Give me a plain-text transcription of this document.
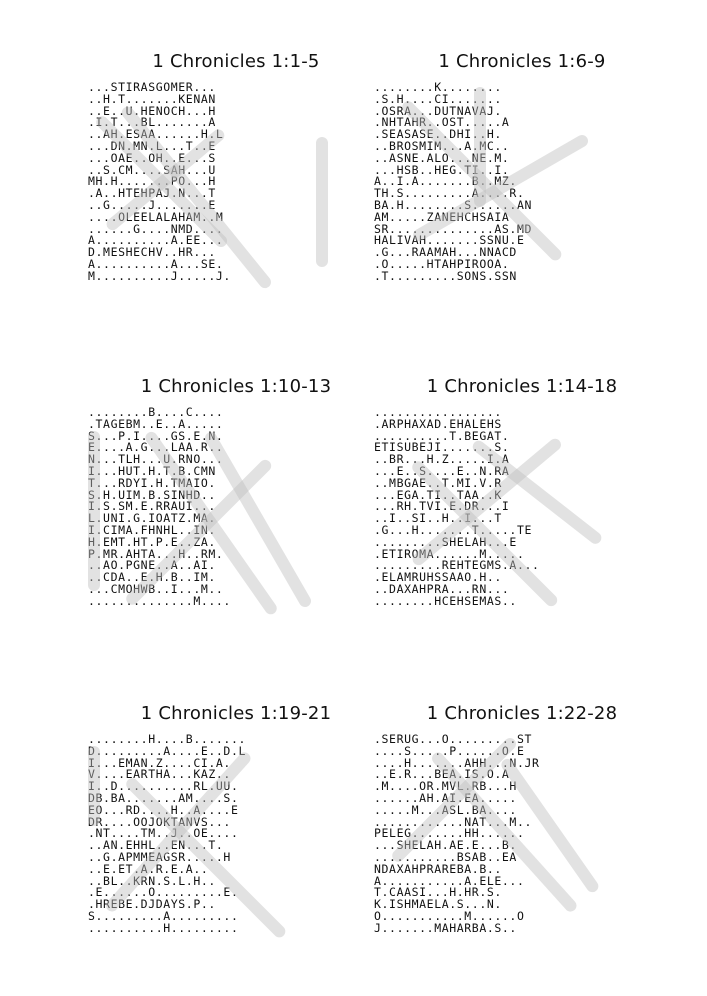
1 Chronicles 1:1-5
...STIRASGOMER...
..H.T.......KENAN
..E..U.HENOCH...H
.I.T...BL.......A
..AH.ESAA......H.L
...DN.MN.L...T..E
...OAE..OH..E...S
..S.CM....SAH...U
MH.H.......PO...H
.A..HTEHPAJ.N...T
..G.....J.......E
....OLEELALAHAM..M
......G....NMD....
A..........A.EE...
D.MESHECHV..HR...
A..........A...SE.
M..........J.....J.
1 Chronicles 1:6-9
........K........
.S.H....CI.......
.OSRA...DUTNAVAJ.
.NHTAHR..OST.....A
.SEASASE..DHI..H.
..BROSMIM...A.MC..
..ASNE.ALO...NE.M.
...HSB..HEG.TI..I.
A..I.A.......B..MZ.
TH.S.........A....R.
BA.H........S......AN
AM.....ZANEHCHSAIA
SR..............AS.MD
HALIVAH.......SSNU.E
.G...RAAMAH...NNACD
.O.....HTAHPIROOA.
.T.........SONS.SSN
1 Chronicles 1:10-13
........B....C....
.TAGEBM..E..A.....
S...P.I....GS.E.N.
E....A.G...LAA.R..
N...TLH...U.RNO...
I...HUT.H.T.B.CMN
T...RDYI.H.TMAIO.
S.H.UIM.B.SINHD..
I.S.SM.E.RRAUI...
L.UNI.G.IOATZ.MA.
I.CIMA.FHNHL..IN.
H.EMT.HT.P.E..ZA.
P.MR.AHTA...H..RM.
..AO.PGNE..A..AI.
..CDA..E.H.B..IM.
...CMOHWB..I...M..
..............M....
1 Chronicles 1:14-18
.................
.ARPHAXAD.EHALEHS
..........T.BEGAT.
ETISUBEJI.......S.
..BR...H.Z.....I.A
...E..S....E..N.RA
..MBGAE..T.MI.V.R
...EGA.TI..TAA..K
...RH.TVI.E.DR...I
..I..SI..H..I...T
.G...H.......T.....TE
.........SHELAH...E
.ETIROMA......M.....
.........REHTEGMS.A...
.ELAMRUHSSAAO.H..
..DAXAHPRA...RN...
........HCEHSEMAS..
1 Chronicles 1:19-21
........H....B.......
D.........A....E..D.L
I...EMAN.Z....CI.A.
V....EARTHA...KAZ..
I..D..........RL.UU.
DB.BA.......AM....S.
EO...RD....H..A....E
DR....OOJOKTANVS...
.NT....TM..J..OE....
..AN.EHHL..EN...T.
..G.APMMEAGSR.....H
..E.ET.A.R.E.A..
..BL..KRN.S.L.H..
.E......O.........E.
.HREBE.DJDAYS.P..
S.........A.........
..........H.........
1 Chronicles 1:22-28
.SERUG...O.........ST
....S.....P......O.E
....H.......AHH...N.JR
..E.R...BEA.IS.O.A
.M....OR.MVL.RB...H
......AH.AI.EA.....
.....M...ASL.BA....
............NAT...M..
PELEG.......HH......
...SHELAH.AE.E...B.
...........BSAB..EA
NDAXAHPRAREBA.B..
A...........A.ELE...
T.CAASI...H.HR.S.
K.ISHMAELA.S...N.
O...........M......O
J.......MAHARBA.S..
